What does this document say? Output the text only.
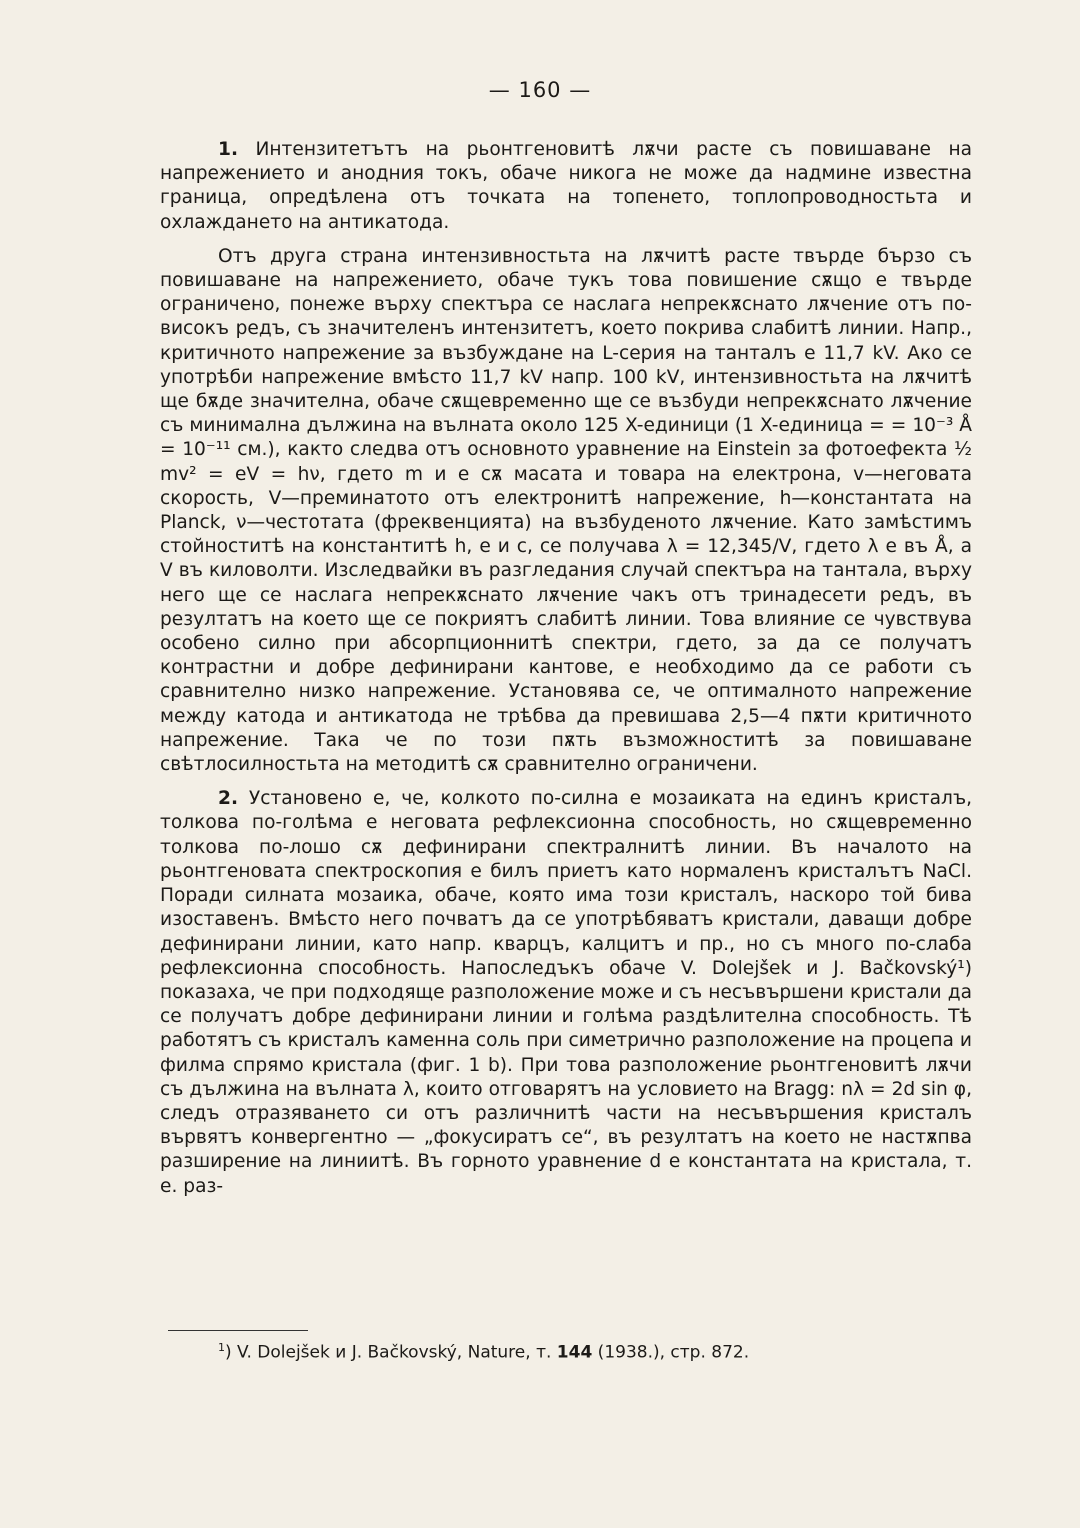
— 160 —

1. Интензитетътъ на рьонтгеновитѣ лѫчи расте съ повишаване на напрежението и анодния токъ, обаче никога не може да надмине известна граница, опредѣлена отъ точката на топенето, топлопроводностьта и охлаждането на антикатода.

Отъ друга страна интензивностьта на лѫчитѣ расте твърде бързо съ повишаване на напрежението, обаче тукъ това повишение сѫщо е твърде ограничено, понеже върху спектъра се наслага непрекѫснато лѫчение отъ по-високъ редъ, съ значителенъ интензитетъ, което покрива слабитѣ линии. Напр., критичното напрежение за възбуждане на L-серия на танталъ е 11,7 kV. Ако се употрѣби напрежение вмѣсто 11,7 kV напр. 100 kV, интензивностьта на лѫчитѣ ще бѫде значителна, обаче сѫщевременно ще се възбуди непрекѫснато лѫчение съ минимална дължина на вълната около 125 X-единици (1 X-единица = = 10⁻³ Å = 10⁻¹¹ см.), както следва отъ основното уравнение на Einstein за фотоефекта ½ mv² = eV = hν, гдето m и e сѫ масата и товара на електрона, v—неговата скорость, V—преминатото отъ електронитѣ напрежение, h—константата на Planck, ν—честотата (фреквенцията) на възбуденото лѫчение. Като замѣстимъ стойноститѣ на константитѣ h, e и c, се получава λ = 12,345/V, гдето λ е въ Å, а V въ киловолти. Изследвайки въ разгледания случай спектъра на тантала, върху него ще се наслага непрекѫснато лѫчение чакъ отъ тринадесети редъ, въ резултатъ на което ще се покриятъ слабитѣ линии. Това влияние се чувствува особено силно при абсорпционнитѣ спектри, гдето, за да се получатъ контрастни и добре дефинирани кантове, е необходимо да се работи съ сравнително низко напрежение. Установява се, че оптималното напрежение между катода и антикатода не трѣбва да превишава 2,5—4 пѫти критичното напрежение. Така че по този пѫть възможноститѣ за повишаване свѣтлосилностьта на методитѣ сѫ сравнително ограничени.

2. Установено е, че, колкото по-силна е мозаиката на единъ кристалъ, толкова по-голѣма е неговата рефлексионна способность, но сѫщевременно толкова по-лошо сѫ дефинирани спектралнитѣ линии. Въ началото на рьонтгеновата спектроскопия е билъ приетъ като нормаленъ кристалътъ NaCl. Поради силната мозаика, обаче, която има този кристалъ, наскоро той бива изоставенъ. Вмѣсто него почватъ да се употрѣбяватъ кристали, даващи добре дефинирани линии, като напр. кварцъ, калцитъ и пр., но съ много по-слаба рефлексионна способность. Напоследъкъ обаче V. Dolejšek и J. Bačkovský¹) показаха, че при подходяще разположение може и съ несъвършени кристали да се получатъ добре дефинирани линии и голѣма раздѣлителна способность. Тѣ работятъ съ кристалъ каменна соль при симетрично разположение на процепа и филма спрямо кристала (фиг. 1 b). При това разположение рьонтгеновитѣ лѫчи съ дължина на вълната λ, които отговарятъ на условието на Bragg: nλ = 2d sin φ, следъ отразяването си отъ различнитѣ части на несъвършения кристалъ вървятъ конвергентно — „фокусиратъ се“, въ резултатъ на което не настѫпва разширение на линиитѣ. Въ горното уравнение d е константата на кристала, т. е. раз-

$^1$) V. Dolejšek и J. Bačkovský, Nature, т. 144 (1938.), стр. 872.
